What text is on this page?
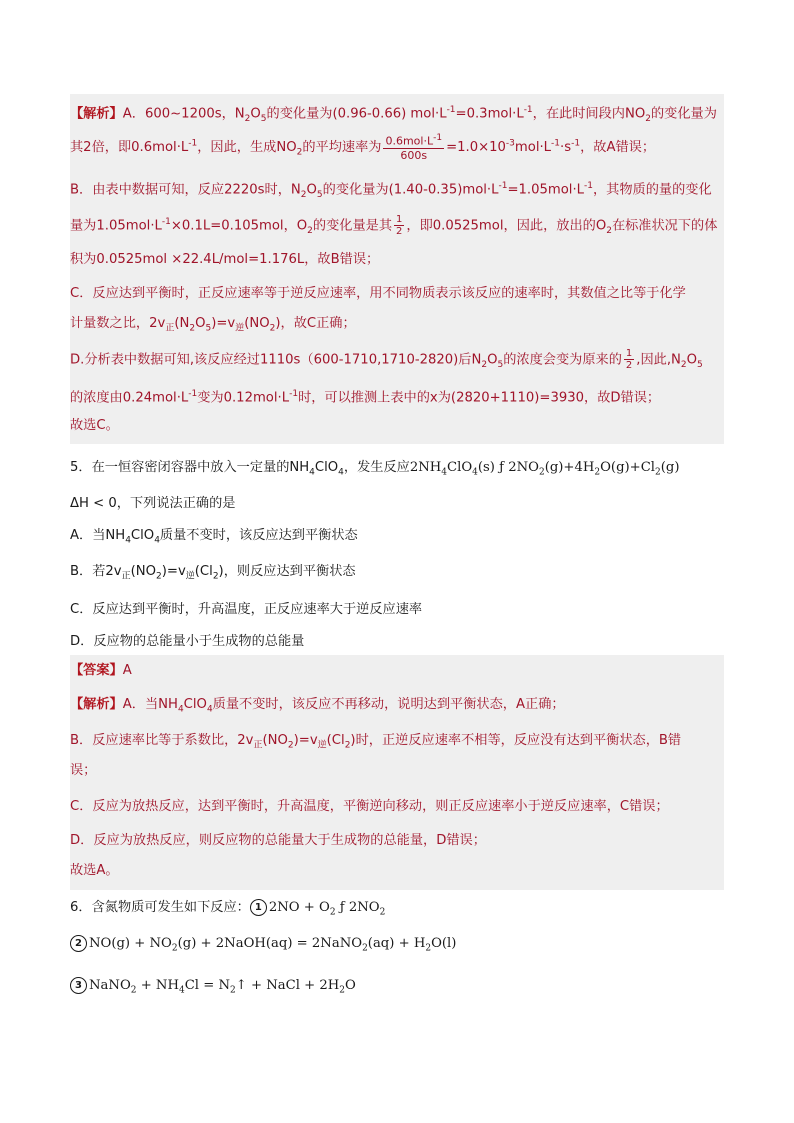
【解析】A．600~1200s，$N_2O_5$的变化量为(0.96-0.66) $mol\cdot L^{-1}=0.3mol\cdot L^{-1}$，在此时间段内$NO_2$的变化量为
其2倍，即$0.6mol\cdot L^{-1}$，因此，生成$NO_2$的平均速率为 $\frac{0.6mol\cdot L^{-1}}{600s} =1.0\times 10^{-3}mol\cdot L^{-1}\cdot s^{-1}$，故A错误；
B．由表中数据可知，反应2220s时，$N_2O_5$的变化量为$(1.40-0.35)mol\cdot L^{-1}=1.05mol\cdot L^{-1}$，其物质的量的变化
量为$1.05mol\cdot L^{-1}\times 0.1L=0.105mol$，$O_2$的变化量是其 $\frac{1}{2}$ ，即0.0525mol，因此，放出的$O_2$在标准状况下的体
积为0.0525mol ×22.4L/mol=1.176L，故B错误；
C．反应达到平衡时，正反应速率等于逆反应速率，用不同物质表示该反应的速率时，其数值之比等于化学
计量数之比，$2v_正(N_2O_5)=v_逆(NO_2)$，故C正确；
D.分析表中数据可知,该反应经过1110s（600-1710,1710-2820)后$N_2O_5$的浓度会变为原来的 $\frac{1}{2}$ ,因此$,N_2O_5$
的浓度由$0.24mol\cdot L^{-1}$变为$0.12mol\cdot L^{-1}$时，可以推测上表中的x为(2820+1110)=3930，故D错误；
故选C。
5．在一恒容密闭容器中放入一定量的$NH_4ClO_4$，发生反应$2NH_4ClO_4(s)$ ƒ $2NO_2(g)+4H_2O(g)+Cl_2(g)$
ΔH < 0，下列说法正确的是
A．当$NH_4ClO_4$质量不变时，该反应达到平衡状态
B．若$2v_正(NO_2)=v_逆(Cl_2)$，则反应达到平衡状态
C．反应达到平衡时，升高温度，正反应速率大于逆反应速率
D．反应物的总能量小于生成物的总能量
【答案】A
【解析】A．当$NH_4ClO_4$质量不变时，该反应不再移动，说明达到平衡状态，A正确；
B．反应速率比等于系数比，$2v_正(NO_2)=v_逆(Cl_2)$时，正逆反应速率不相等，反应没有达到平衡状态，B错
误；
C．反应为放热反应，达到平衡时，升高温度，平衡逆向移动，则正反应速率小于逆反应速率，C错误；
D．反应为放热反应，则反应物的总能量大于生成物的总能量，D错误；
故选A。
6．含氮物质可发生如下反应： 1 $2NO + O_2$ ƒ $2NO_2$
2 $NO(g) + NO_2(g)$ + 2NaOH(aq) = 2NaNO$_2$(aq) + $H_2O(l)$
3 NaNO$_2$ + $NH_4Cl$ = $N_2↑$ + NaCl + $2H_2O$
